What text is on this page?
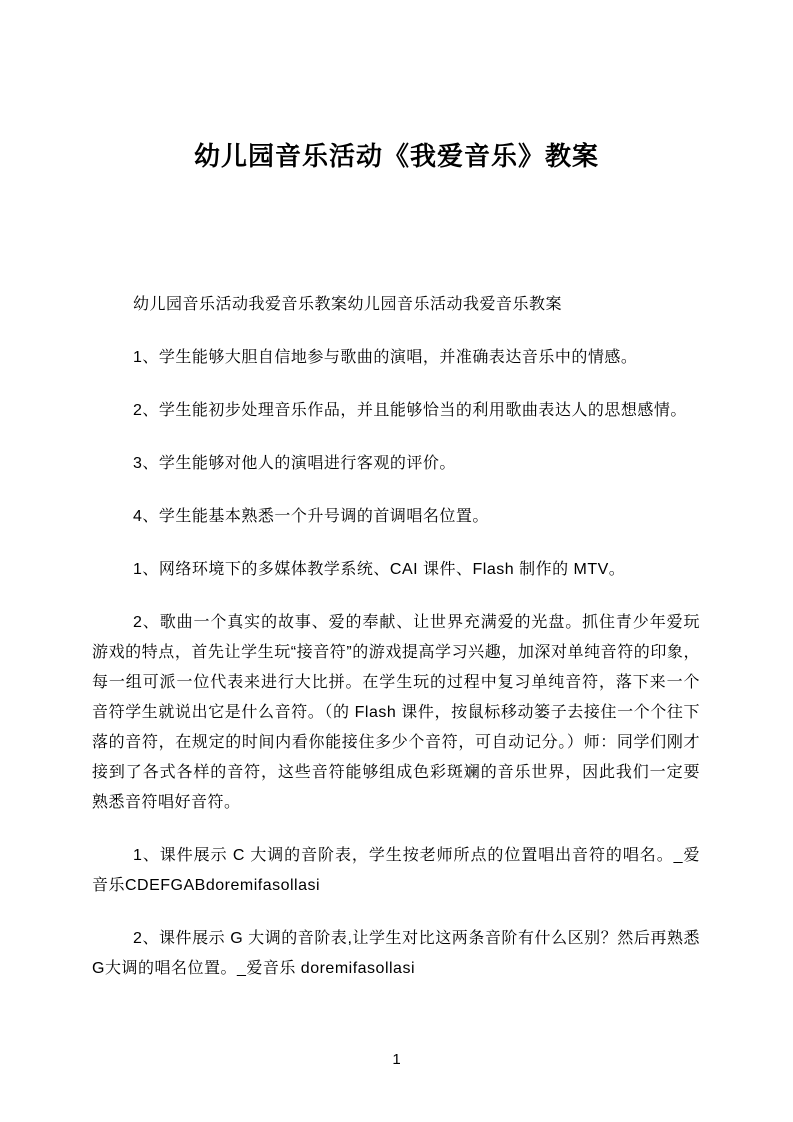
幼儿园音乐活动《我爱音乐》教案

幼儿园音乐活动我爱音乐教案幼儿园音乐活动我爱音乐教案

1、学生能够大胆自信地参与歌曲的演唱，并准确表达音乐中的情感。

2、学生能初步处理音乐作品，并且能够恰当的利用歌曲表达人的思想感情。

3、学生能够对他人的演唱进行客观的评价。

4、学生能基本熟悉一个升号调的首调唱名位置。

1、网络环境下的多媒体教学系统、CAI 课件、Flash 制作的 MTV。

2、歌曲一个真实的故事、爱的奉献、让世界充满爱的光盘。抓住青少年爱玩游戏的特点，首先让学生玩“接音符”的游戏提高学习兴趣，加深对单纯音符的印象，每一组可派一位代表来进行大比拼。在学生玩的过程中复习单纯音符，落下来一个音符学生就说出它是什么音符。（的 Flash 课件，按鼠标移动篓子去接住一个个往下落的音符，在规定的时间内看你能接住多少个音符，可自动记分。）师：同学们刚才接到了各式各样的音符，这些音符能够组成色彩斑斓的音乐世界，因此我们一定要熟悉音符唱好音符。

1、课件展示 C 大调的音阶表，学生按老师所点的位置唱出音符的唱名。_爱音乐CDEFGABdoremifasollasi

2、课件展示 G 大调的音阶表,让学生对比这两条音阶有什么区别？然后再熟悉 G大调的唱名位置。_爱音乐 doremifasollasi

1
